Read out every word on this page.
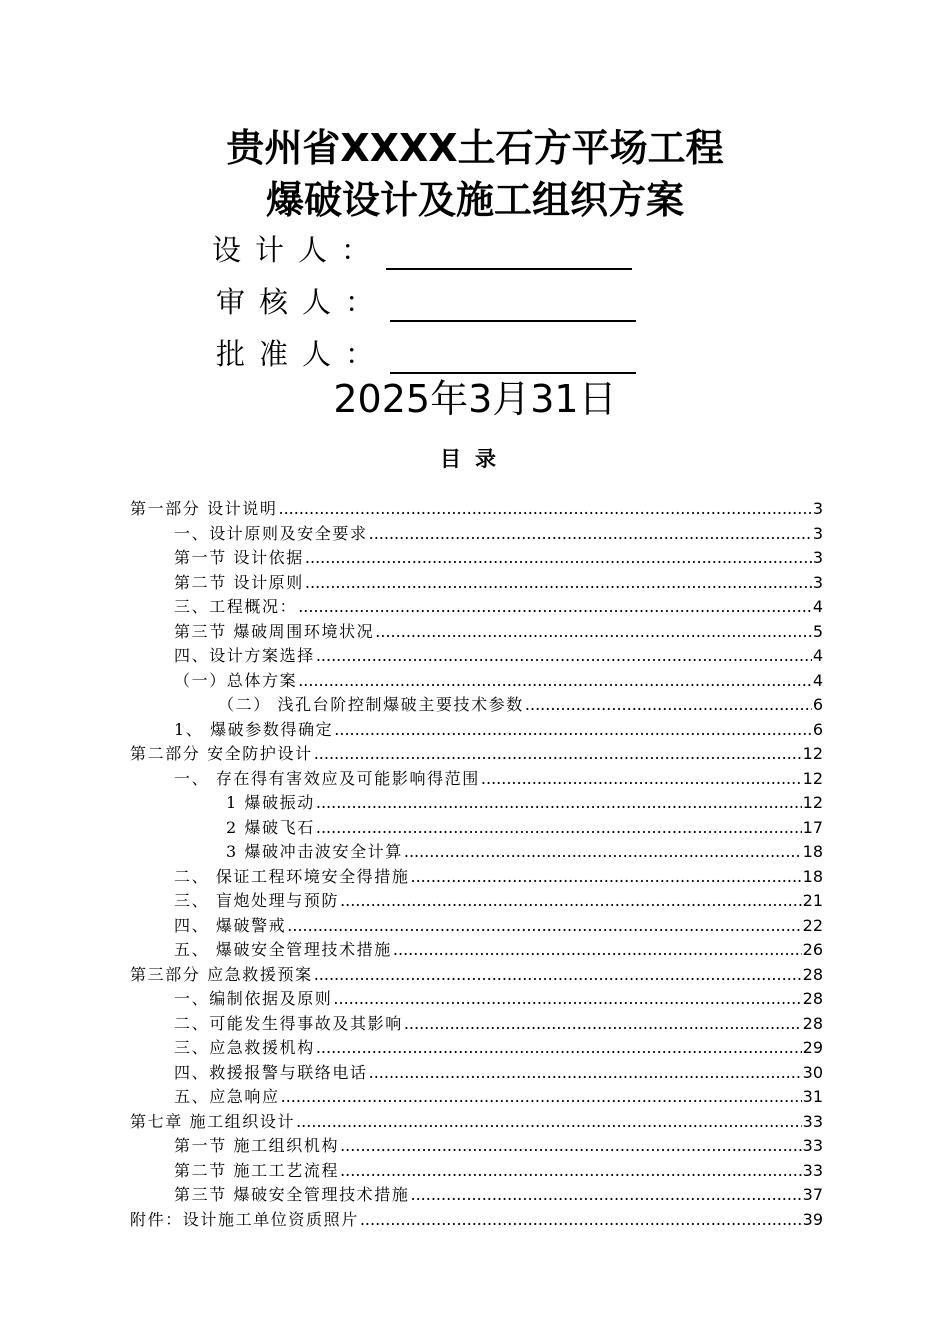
贵州省XXXX土石方平场工程
爆破设计及施工组织方案
设计人：
审核人：
批准人：
2025年3月31日
目录
第一部分 设计说明 .....	3
一、设计原则及安全要求 .....	3
第一节 设计依据 .....	3
第二节 设计原则 .....	3
三、工程概况： .....	4
第三节 爆破周围环境状况 .....	5
四、设计方案选择 .....	4
（一）总体方案 .....	4
（二） 浅孔台阶控制爆破主要技术参数 .....	6
1、 爆破参数得确定 .....	6
第二部分 安全防护设计 .....	12
一、 存在得有害效应及可能影响得范围 .....	12
1 爆破振动 .....	12
2 爆破飞石 .....	17
3 爆破冲击波安全计算 .....	18
二、 保证工程环境安全得措施 .....	18
三、 盲炮处理与预防 .....	21
四、 爆破警戒 .....	22
五、 爆破安全管理技术措施 .....	26
第三部分 应急救援预案 .....	28
一、编制依据及原则 .....	28
二、可能发生得事故及其影响 .....	28
三、应急救援机构 .....	29
四、救援报警与联络电话 .....	30
五、应急响应 .....	31
第七章 施工组织设计 .....	33
第一节 施工组织机构 .....	33
第二节 施工工艺流程 .....	33
第三节 爆破安全管理技术措施 .....	37
附件：设计施工单位资质照片 .....	39
